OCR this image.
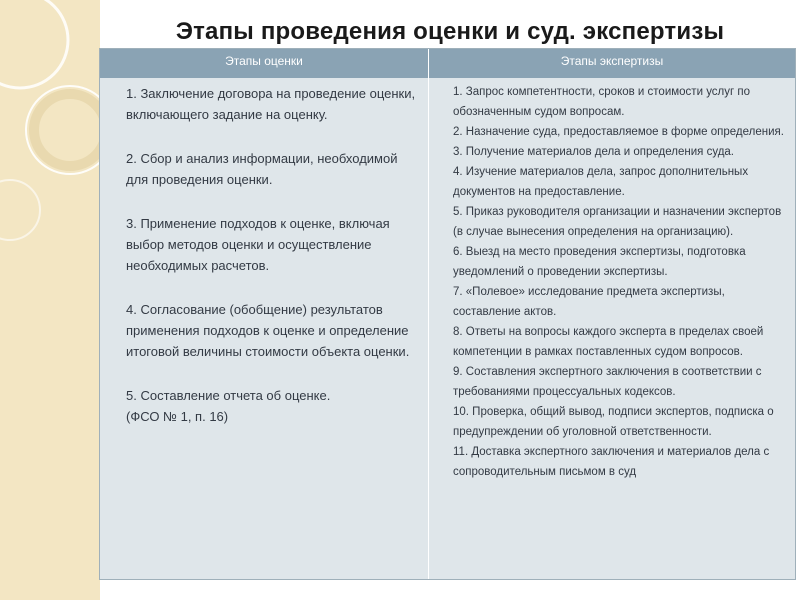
Этапы проведения оценки и суд. экспертизы
Этапы оценки	Этапы экспертизы
1. Заключение договора на проведение оценки, включающего задание на оценку.
2. Сбор и анализ информации, необходимой для проведения оценки.
3. Применение подходов к оценке, включая выбор методов оценки и осуществление необходимых расчетов.
4. Согласование (обобщение) результатов применения подходов к оценке и определение итоговой величины стоимости объекта оценки.
5. Составление отчета об оценке.
(ФСО № 1, п. 16)
1. Запрос компетентности, сроков и стоимости услуг по обозначенным судом вопросам.
2. Назначение суда, предоставляемое в форме определения.
3. Получение материалов дела и определения суда.
4. Изучение материалов дела, запрос дополнительных документов на предоставление.
5. Приказ руководителя организации и назначении экспертов (в случае вынесения определения на организацию).
6. Выезд на место проведения экспертизы, подготовка уведомлений о проведении экспертизы.
7. «Полевое» исследование предмета экспертизы, составление актов.
8. Ответы на вопросы каждого эксперта в пределах своей компетенции в рамках поставленных судом вопросов.
9. Составления экспертного заключения в соответствии с требованиями процессуальных кодексов.
10. Проверка, общий вывод, подписи экспертов, подписка о предупреждении об уголовной ответственности.
11. Доставка экспертного заключения и материалов дела с сопроводительным письмом в суд
